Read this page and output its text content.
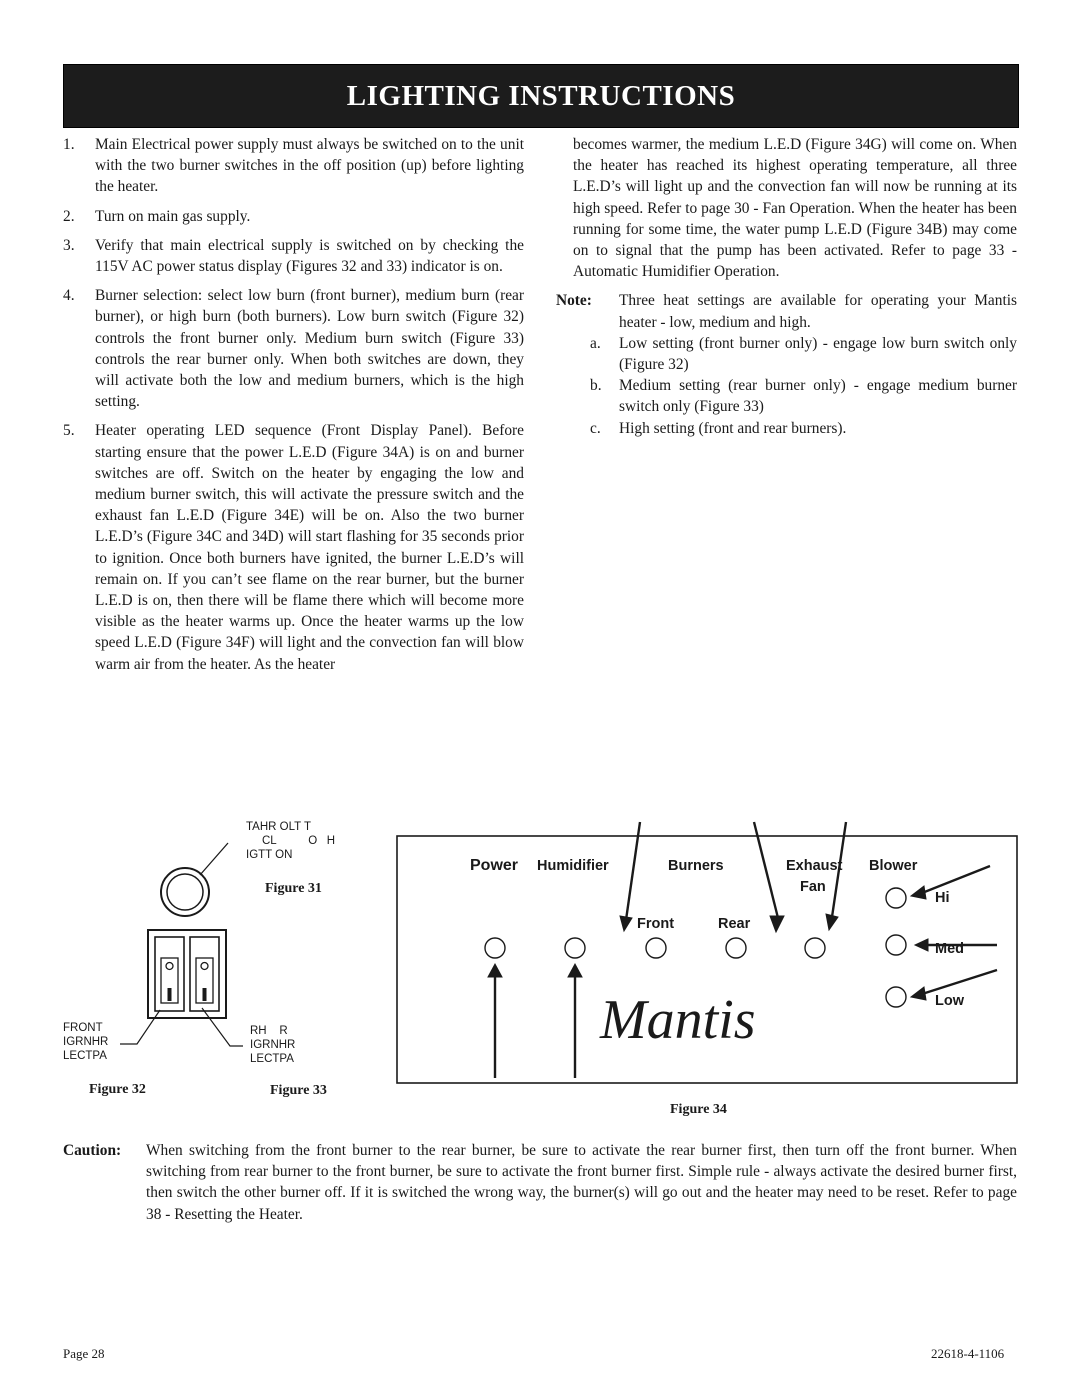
LIGHTING INSTRUCTIONS
1. Main Electrical power supply must always be switched on to the unit with the two burner switches in the off position (up) before lighting the heater.
2. Turn on main gas supply.
3. Verify that main electrical supply is switched on by checking the 115V AC power status display (Figures 32 and 33) indicator is on.
4. Burner selection: select low burn (front burner), medium burn (rear burner), or high burn (both burners). Low burn switch (Figure 32) controls the front burner only. Medium burn switch (Figure 33) controls the rear burner only. When both switches are down, they will activate both the low and medium burners, which is the high setting.
5. Heater operating LED sequence (Front Display Panel). Before starting ensure that the power L.E.D (Figure 34A) is on and burner switches are off. Switch on the heater by engaging the low and medium burner switch, this will activate the pressure switch and the exhaust fan L.E.D (Figure 34E) will be on. Also the two burner L.E.D’s (Figure 34C and 34D) will start flashing for 35 seconds prior to ignition. Once both burners have ignited, the burner L.E.D’s will remain on. If you can’t see flame on the rear burner, but the burner L.E.D is on, then there will be flame there which will become more visible as the heater warms up. Once the heater warms up the low speed L.E.D (Figure 34F) will light and the convection fan will blow warm air from the heater. As the heater

becomes warmer, the medium L.E.D (Figure 34G) will come on. When the heater has reached its highest operating temperature, all three L.E.D’s will light up and the convection fan will now be running at its high speed. Refer to page 30 - Fan Operation. When the heater has been running for some time, the water pump L.E.D (Figure 34B) may come on to signal that the pump has been activated. Refer to page 33 - Automatic Humidifier Operation.

Note: Three heat settings are available for operating your Mantis heater - low, medium and high.
a. Low setting (front burner only) - engage low burn switch only (Figure 32)
b. Medium setting (rear burner only) - engage medium burner switch only (Figure 33)
c. High setting (front and rear burners).
TAHR OLT T
CL          O   H
IGTT ON
Figure 31
FRONT
IGRNHR
LECTPA
Figure 32
RH    R
IGRNHR
LECTPA
Figure 33
Power Humidifier	Burners
Front	Rear
Exhaust
Fan
Blower
Hi
Med
Low
Mantis
Figure 34
Caution: When switching from the front burner to the rear burner, be sure to activate the rear burner first, then turn off the front burner. When switching from rear burner to the front burner, be sure to activate the front burner first. Simple rule - always activate the desired burner first, then switch the other burner off. If it is switched the wrong way, the burner(s) will go out and the heater may need to be reset. Refer to page 38 - Resetting the Heater.
Page 28	22618-4-1106
